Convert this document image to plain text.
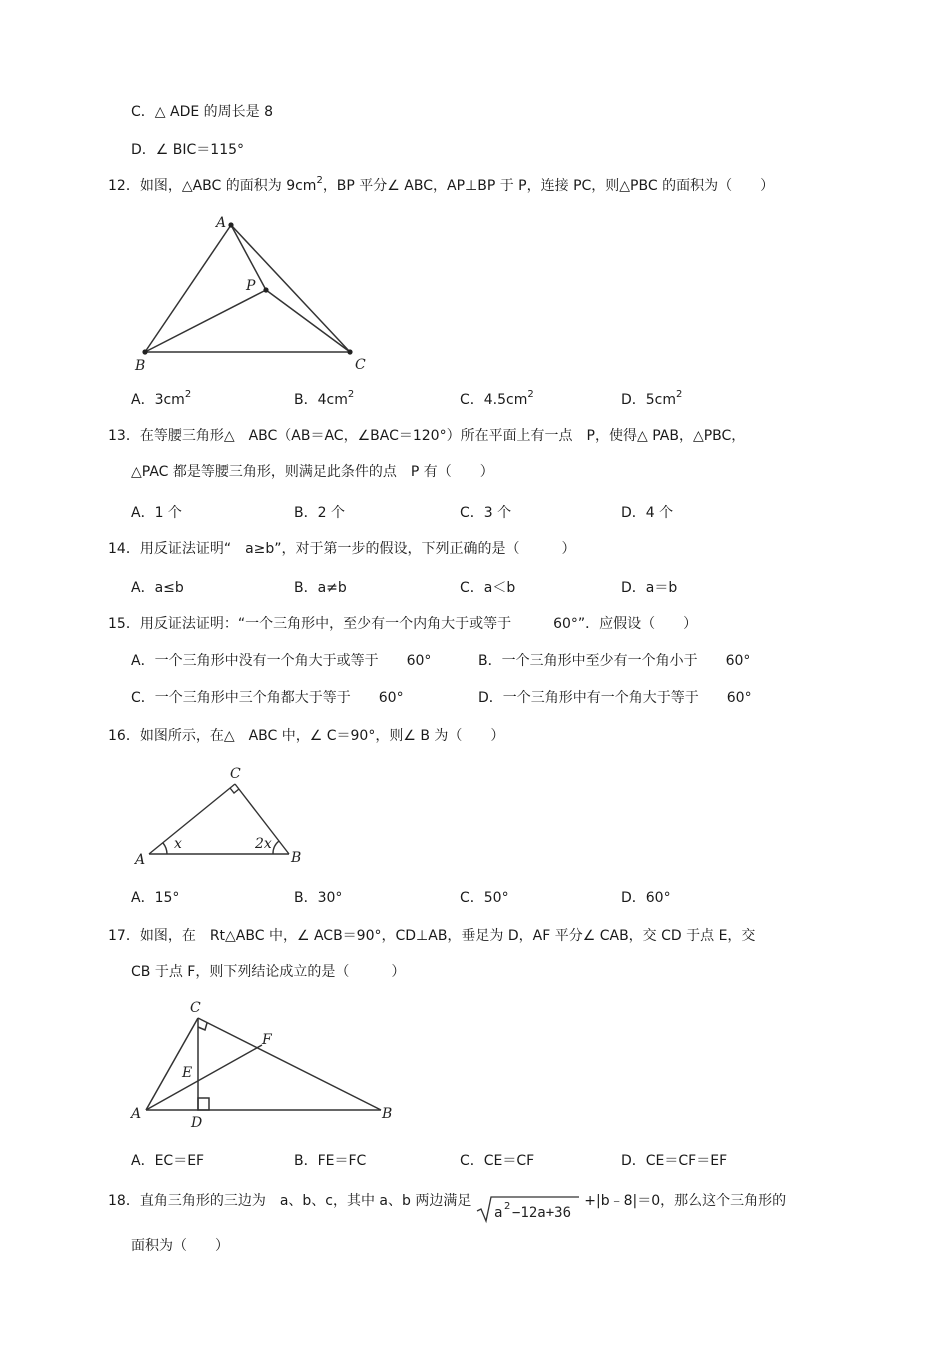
C．△ ADE 的周长是 8
D．∠ BIC＝115°
12．如图，△ABC 的面积为 $9cm^2$，BP 平分∠ ABC，AP⊥BP 于 P，连接 PC，则△PBC 的面积为（　　）
A
B	C
P
A．$3cm^2$	B．$4cm^2$	C．$4.5cm^2$	D．$5cm^2$
13．在等腰三角形△　ABC（AB＝AC，∠BAC＝120°）所在平面上有一点　P，使得△ PAB，△PBC，
△PAC 都是等腰三角形，则满足此条件的点　P 有（　　）
A．1 个	B．2 个	C．3 个	D．4 个
14．用反证法证明“　a≥b”，对于第一步的假设，下列正确的是（　　　）
A．a≤b	B．a≠b	C．a＜b	D．a＝b
15．用反证法证明：“一个三角形中，至少有一个内角大于或等于　　　60°”．应假设（　　）
A．一个三角形中没有一个角大于或等于　　60°	B．一个三角形中至少有一个角小于　　60°
C．一个三角形中三个角都大于等于　　60°	D．一个三角形中有一个角大于等于　　60°
16．如图所示，在△　ABC 中，∠ C＝90°，则∠ B 为（　　）
A	B
C
x	2x
A．15°	B．30°	C．50°	D．60°
17．如图，在　Rt△ABC 中，∠ ACB＝90°，CD⊥AB，垂足为 D，AF 平分∠ CAB，交 CD 于点 E，交
CB 于点 F，则下列结论成立的是（　　　）
A	B
C
D
E
F
A．EC＝EF	B．FE＝FC	C．CE＝CF	D．CE＝CF＝EF
18．直角三角形的三边为　a、b、c，其中 a、b 两边满足
a 2 −12a+36
+|b﹣8|＝0，那么这个三角形的
面积为（　　）
